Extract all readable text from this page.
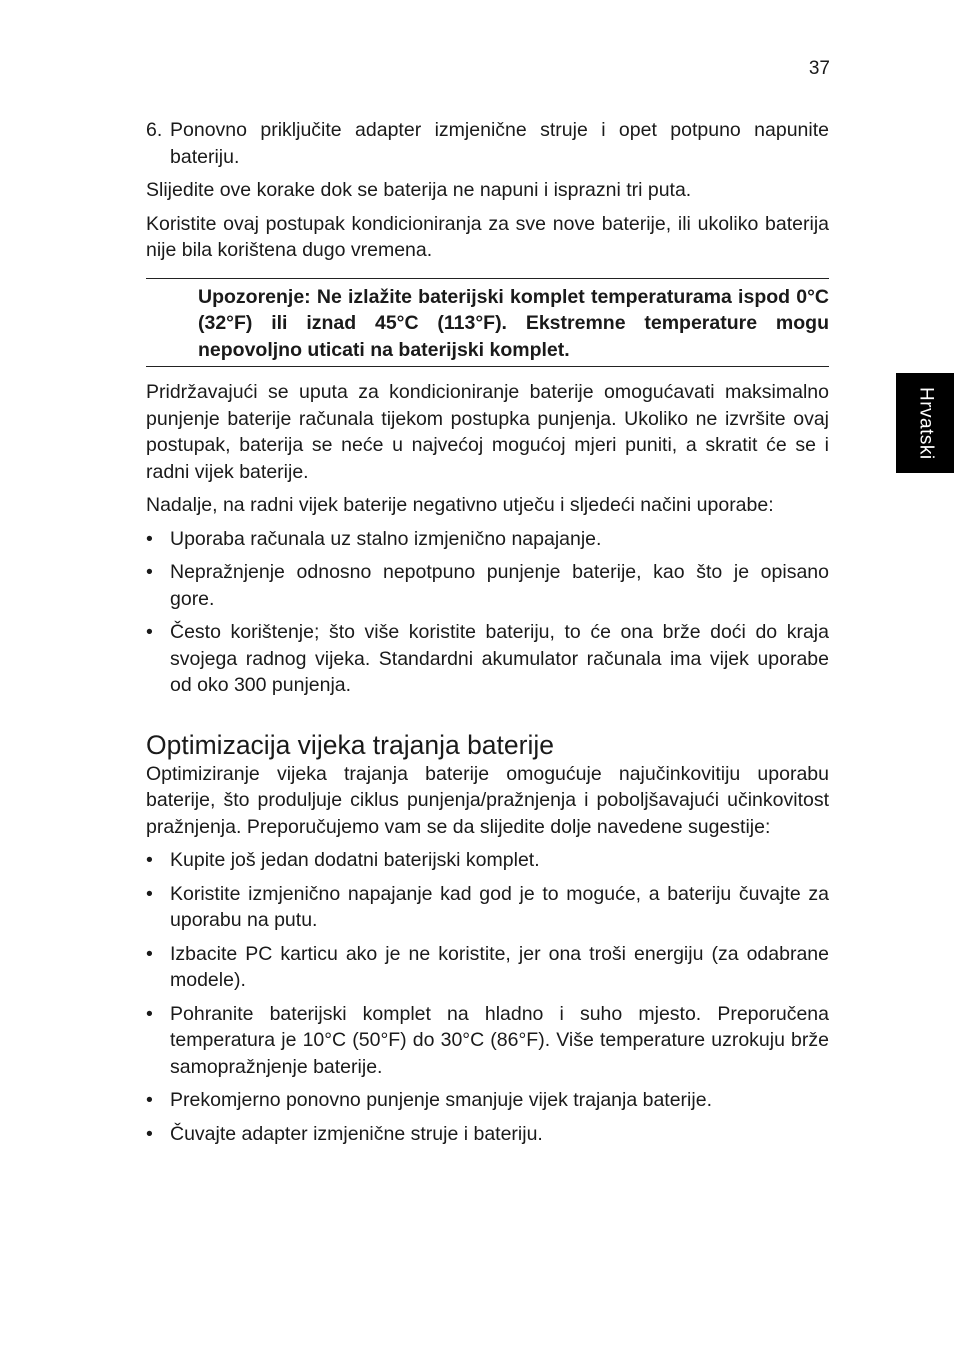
37
Hrvatski
6. Ponovno priključite adapter izmjenične struje i opet potpuno napunite bateriju.

Slijedite ove korake dok se baterija ne napuni i isprazni tri puta.

Koristite ovaj postupak kondicioniranja za sve nove baterije, ili ukoliko baterija nije bila korištena dugo vremena.

Upozorenje: Ne izlažite baterijski komplet temperaturama ispod 0°C (32°F) ili iznad 45°C (113°F). Ekstremne temperature mogu nepovoljno uticati na baterijski komplet.

Pridržavajući se uputa za kondicioniranje baterije omogućavati maksimalno punjenje baterije računala tijekom postupka punjenja. Ukoliko ne izvršite ovaj postupak, baterija se neće u najvećoj mogućoj mjeri puniti, a skratit će se i radni vijek baterije.

Nadalje, na radni vijek baterije negativno utječu i sljedeći načini uporabe:

• Uporaba računala uz stalno izmjenično napajanje.
• Nepražnjenje odnosno nepotpuno punjenje baterije, kao što je opisano gore.
• Često korištenje; što više koristite bateriju, to će ona brže doći do kraja svojega radnog vijeka. Standardni akumulator računala ima vijek uporabe od oko 300 punjenja.
Optimizacija vijeka trajanja baterije

Optimiziranje vijeka trajanja baterije omogućuje najučinkovitiju uporabu baterije, što produljuje ciklus punjenja/pražnjenja i poboljšavajući učinkovitost pražnjenja. Preporučujemo vam se da slijedite dolje navedene sugestije:

• Kupite još jedan dodatni baterijski komplet.
• Koristite izmjenično napajanje kad god je to moguće, a bateriju čuvajte za uporabu na putu.
• Izbacite PC karticu ako je ne koristite, jer ona troši energiju (za odabrane modele).
• Pohranite baterijski komplet na hladno i suho mjesto. Preporučena temperatura je 10°C (50°F) do 30°C (86°F). Više temperature uzrokuju brže samopražnjenje baterije.
• Prekomjerno ponovno punjenje smanjuje vijek trajanja baterije.
• Čuvajte adapter izmjenične struje i bateriju.
